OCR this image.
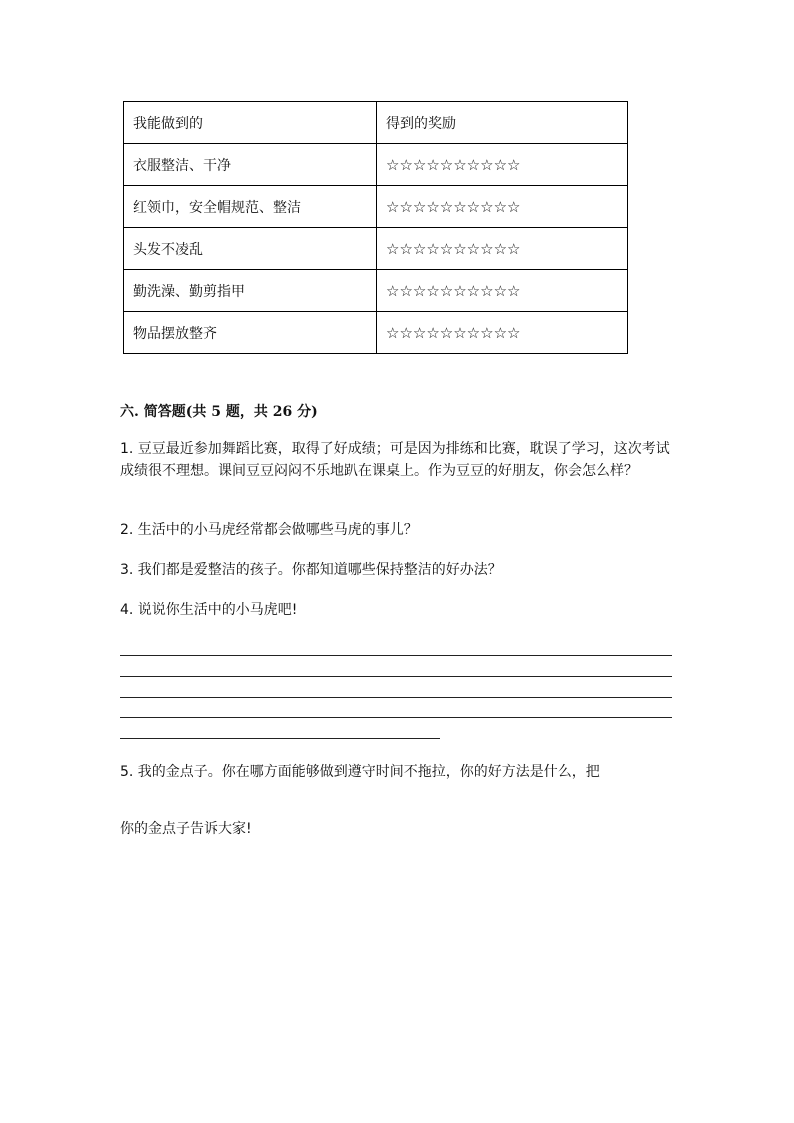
我能做到的	得到的奖励
衣服整洁、干净	☆☆☆☆☆☆☆☆☆☆
红领巾，安全帽规范、整洁	☆☆☆☆☆☆☆☆☆☆
头发不凌乱	☆☆☆☆☆☆☆☆☆☆
勤洗澡、勤剪指甲	☆☆☆☆☆☆☆☆☆☆
物品摆放整齐	☆☆☆☆☆☆☆☆☆☆
六. 简答题(共 5 题，共 26 分)
1. 豆豆最近参加舞蹈比赛，取得了好成绩；可是因为排练和比赛，耽误了学习，这次考试成绩很不理想。课间豆豆闷闷不乐地趴在课桌上。作为豆豆的好朋友，你会怎么样？
2. 生活中的小马虎经常都会做哪些马虎的事儿？
3. 我们都是爱整洁的孩子。你都知道哪些保持整洁的好办法？
4. 说说你生活中的小马虎吧!
5. 我的金点子。你在哪方面能够做到遵守时间不拖拉，你的好方法是什么，把
你的金点子告诉大家!
